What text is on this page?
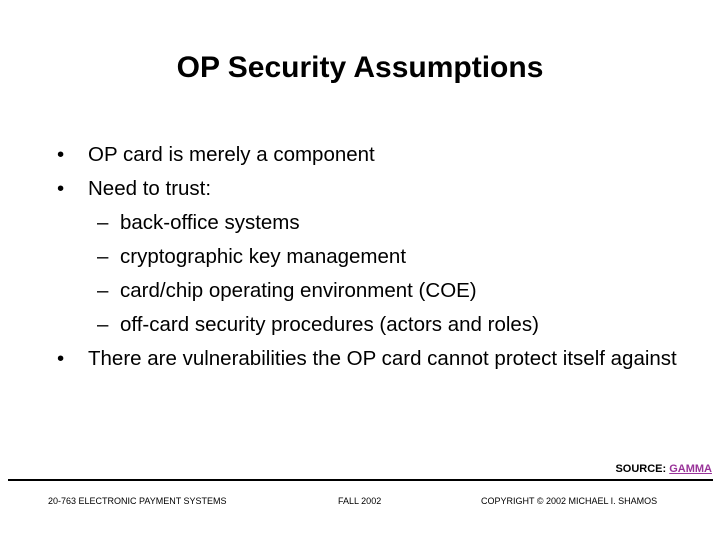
OP Security Assumptions
• OP card is merely a component
• Need to trust:
– back-office systems
– cryptographic key management
– card/chip operating environment (COE)
– off-card security procedures (actors and roles)
• There are vulnerabilities the OP card cannot protect itself against
SOURCE: GAMMA
20-763 ELECTRONIC PAYMENT SYSTEMS	FALL 2002	COPYRIGHT © 2002 MICHAEL I. SHAMOS
